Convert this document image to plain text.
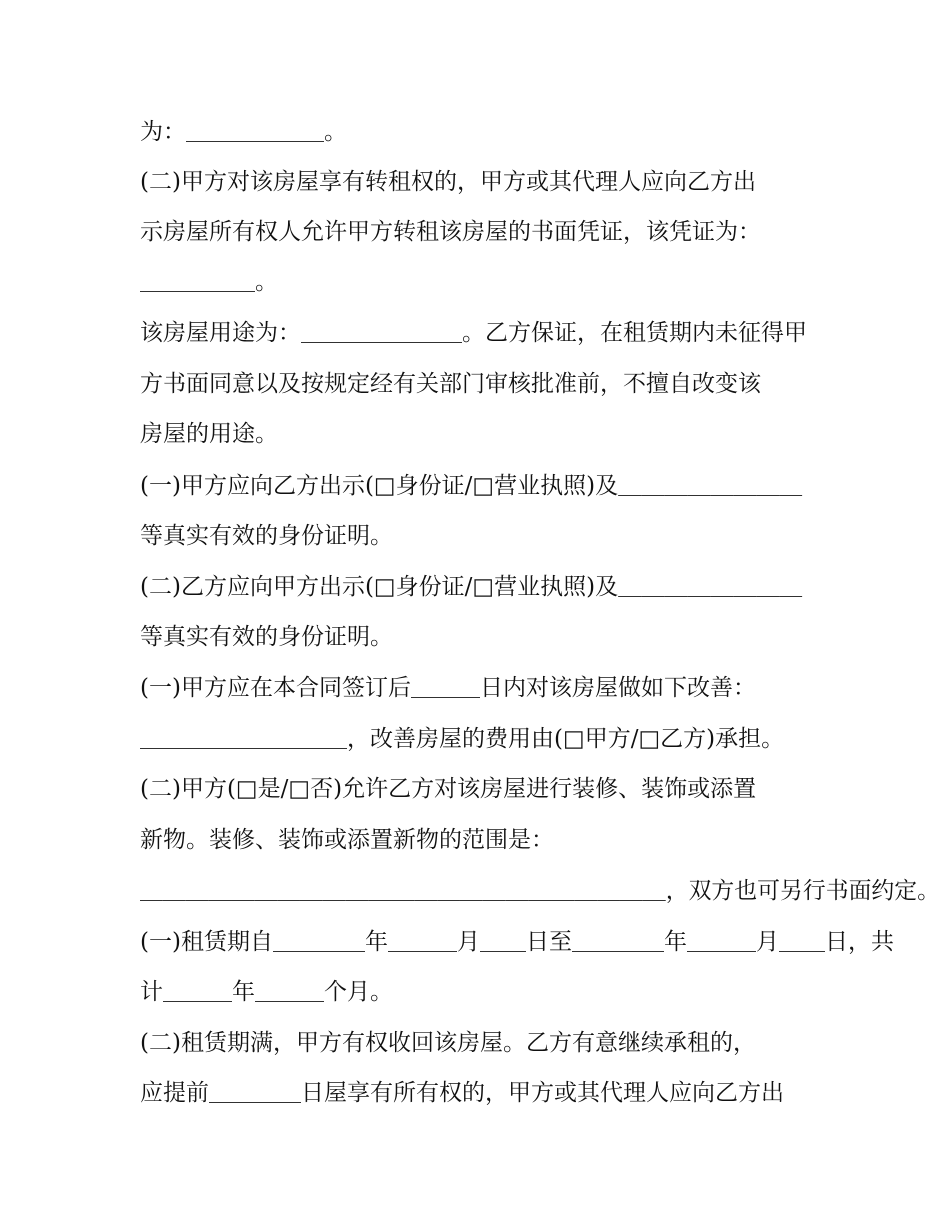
为：＿＿＿＿＿＿。
(二)甲方对该房屋享有转租权的，甲方或其代理人应向乙方出
示房屋所有权人允许甲方转租该房屋的书面凭证，该凭证为：
＿＿＿＿＿。
该房屋用途为：＿＿＿＿＿＿＿。乙方保证，在租赁期内未征得甲
方书面同意以及按规定经有关部门审核批准前，不擅自改变该
房屋的用途。
(一)甲方应向乙方出示(□身份证/□营业执照)及＿＿＿＿＿＿＿＿
等真实有效的身份证明。
(二)乙方应向甲方出示(□身份证/□营业执照)及＿＿＿＿＿＿＿＿
等真实有效的身份证明。
(一)甲方应在本合同签订后＿＿＿日内对该房屋做如下改善：
＿＿＿＿＿＿＿＿＿，改善房屋的费用由(□甲方/□乙方)承担。
(二)甲方(□是/□否)允许乙方对该房屋进行装修、装饰或添置
新物。装修、装饰或添置新物的范围是：
＿＿＿＿＿＿＿＿＿＿＿＿＿＿＿＿＿＿＿＿＿＿＿，双方也可另行书面约定。
(一)租赁期自＿＿＿＿年＿＿＿月＿＿日至＿＿＿＿年＿＿＿月＿＿日，共
计＿＿＿年＿＿＿个月。
(二)租赁期满，甲方有权收回该房屋。乙方有意继续承租的，
应提前＿＿＿＿日屋享有所有权的，甲方或其代理人应向乙方出
